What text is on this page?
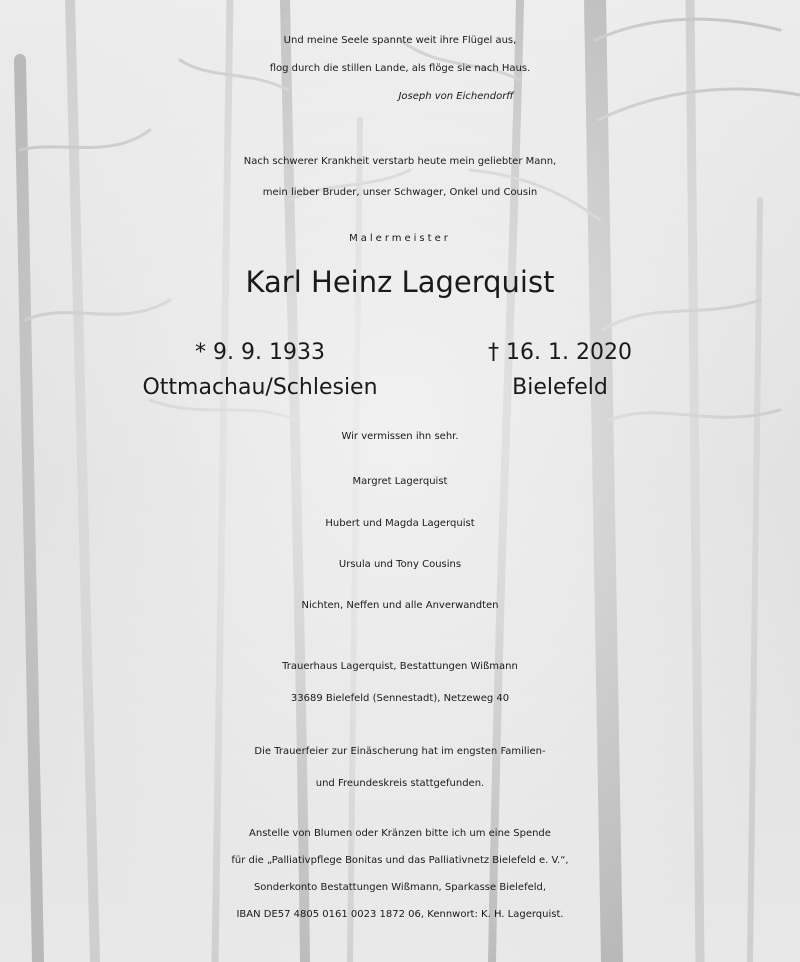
Und meine Seele spannte weit ihre Flügel aus,
flog durch die stillen Lande, als flöge sie nach Haus.
Joseph von Eichendorff
Nach schwerer Krankheit verstarb heute mein geliebter Mann,
mein lieber Bruder, unser Schwager, Onkel und Cousin
Malermeister
Karl Heinz Lagerquist
* 9. 9. 1933	† 16. 1. 2020
Ottmachau/Schlesien	Bielefeld
Wir vermissen ihn sehr.
Margret Lagerquist
Hubert und Magda Lagerquist
Ursula und Tony Cousins
Nichten, Neffen und alle Anverwandten
Trauerhaus Lagerquist, Bestattungen Wißmann
33689 Bielefeld (Sennestadt), Netzeweg 40
Die Trauerfeier zur Einäscherung hat im engsten Familien-
und Freundeskreis stattgefunden.
Anstelle von Blumen oder Kränzen bitte ich um eine Spende
für die „Palliativpflege Bonitas und das Palliativnetz Bielefeld e. V.“,
Sonderkonto Bestattungen Wißmann, Sparkasse Bielefeld,
IBAN DE57 4805 0161 0023 1872 06, Kennwort: K. H. Lagerquist.
